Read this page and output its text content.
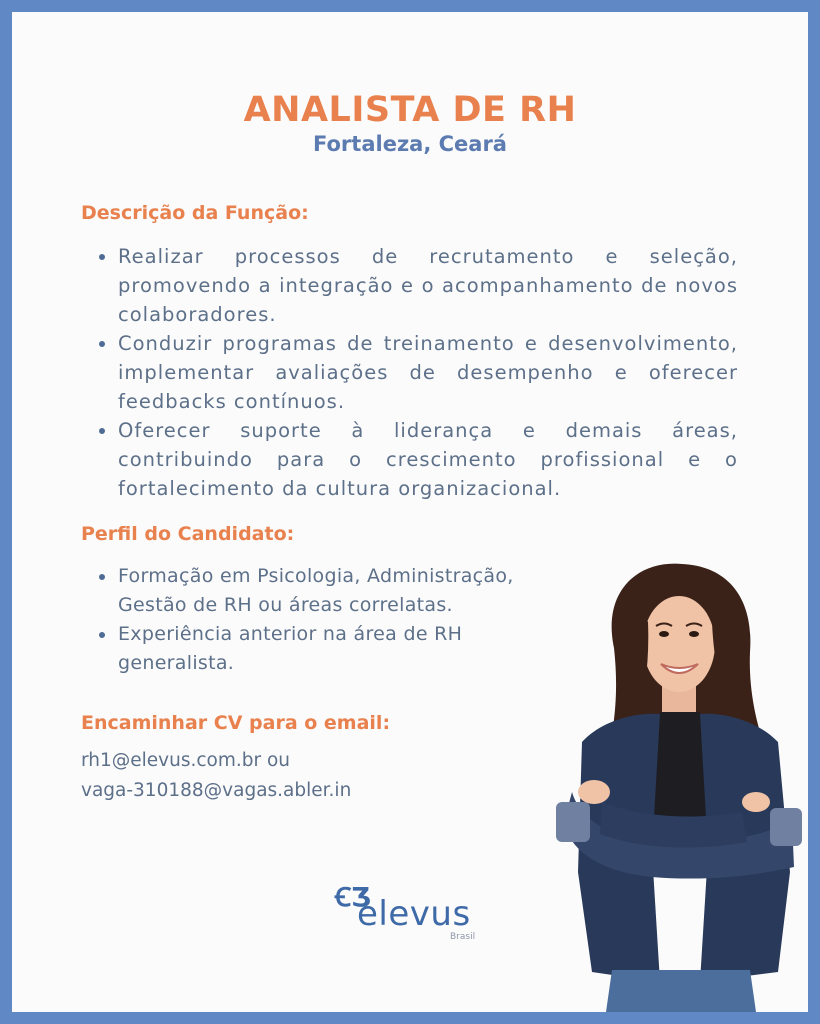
ANALISTA DE RH
Fortaleza, Ceará
Descrição da Função:
Realizar processos de recrutamento e seleção, promovendo a integração e o acompanhamento de novos colaboradores.
Conduzir programas de treinamento e desenvolvimento, implementar avaliações de desempenho e oferecer feedbacks contínuos.
Oferecer suporte à liderança e demais áreas, contribuindo para o crescimento profissional e o fortalecimento da cultura organizacional.
Perfil do Candidato:
Formação em Psicologia, Administração, Gestão de RH ou áreas correlatas.
Experiência anterior na área de RH generalista.
Encaminhar CV para o email:
rh1@elevus.com.br ou
vaga-310188@vagas.abler.in
ꞒƷ
elevus
Brasil
